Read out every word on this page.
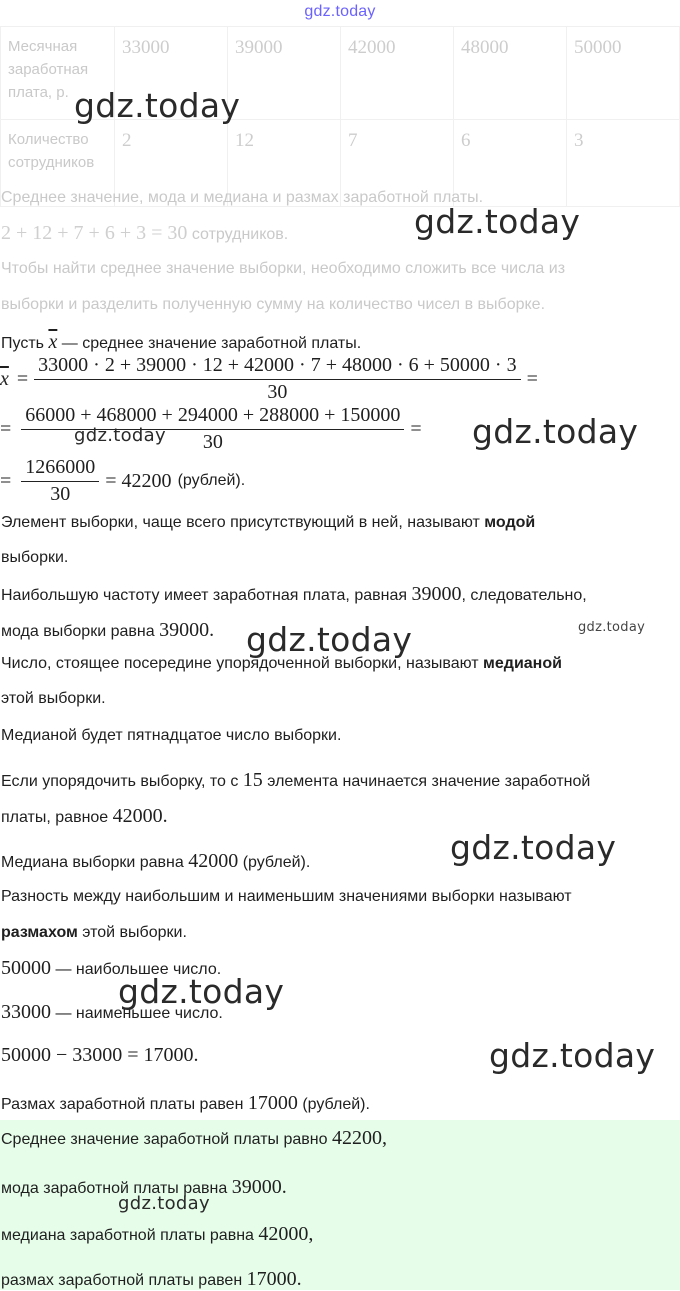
gdz.today
Месячная заработная плата, р.	33000	39000	42000	48000	50000
Количество сотрудников	2	12	7	6	3
Среднее значение, мода и медиана и размах заработной платы.
2 + 12 + 7 + 6 + 3 = 30 сотрудников.
Чтобы найти среднее значение выборки, необходимо сложить все числа из
выборки и разделить полученную сумму на количество чисел в выборке.
Пусть $\overline{x}$ — среднее значение заработной платы.
$\overline{x} = \frac{33000 \cdot 2 + 39000 \cdot 12 + 42000 \cdot 7 + 48000 \cdot 6 + 50000 \cdot 3}{30}$ =
= $\frac{66000 + 468000 + 294000 + 288000 + 150000}{30}$ =
= $\frac{1266000}{30} = 42200$ (рублей).
Элемент выборки, чаще всего присутствующий в ней, называют модой
выборки.
Наибольшую частоту имеет заработная плата, равная 39000, следовательно,
мода выборки равна 39000.
Число, стоящее посередине упорядоченной выборки, называют медианой
этой выборки.
Медианой будет пятнадцатое число выборки.
Если упорядочить выборку, то с 15 элемента начинается значение заработной
платы, равное 42000.
Медиана выборки равна 42000 (рублей).
Разность между наибольшим и наименьшим значениями выборки называют
размахом этой выборки.
50000 — наибольшее число.
33000 — наименьшее число.
50000 − 33000 = 17000.
Размах заработной платы равен 17000 (рублей).
Среднее значение заработной платы равно 42200,
мода заработной платы равна 39000.
медиана заработной платы равна 42000,
размах заработной платы равен 17000.
gdz.today
gdz.today
gdz.today	gdz.today
gdz.today	gdz.today
gdz.today
gdz.today
gdz.today
gdz.today
